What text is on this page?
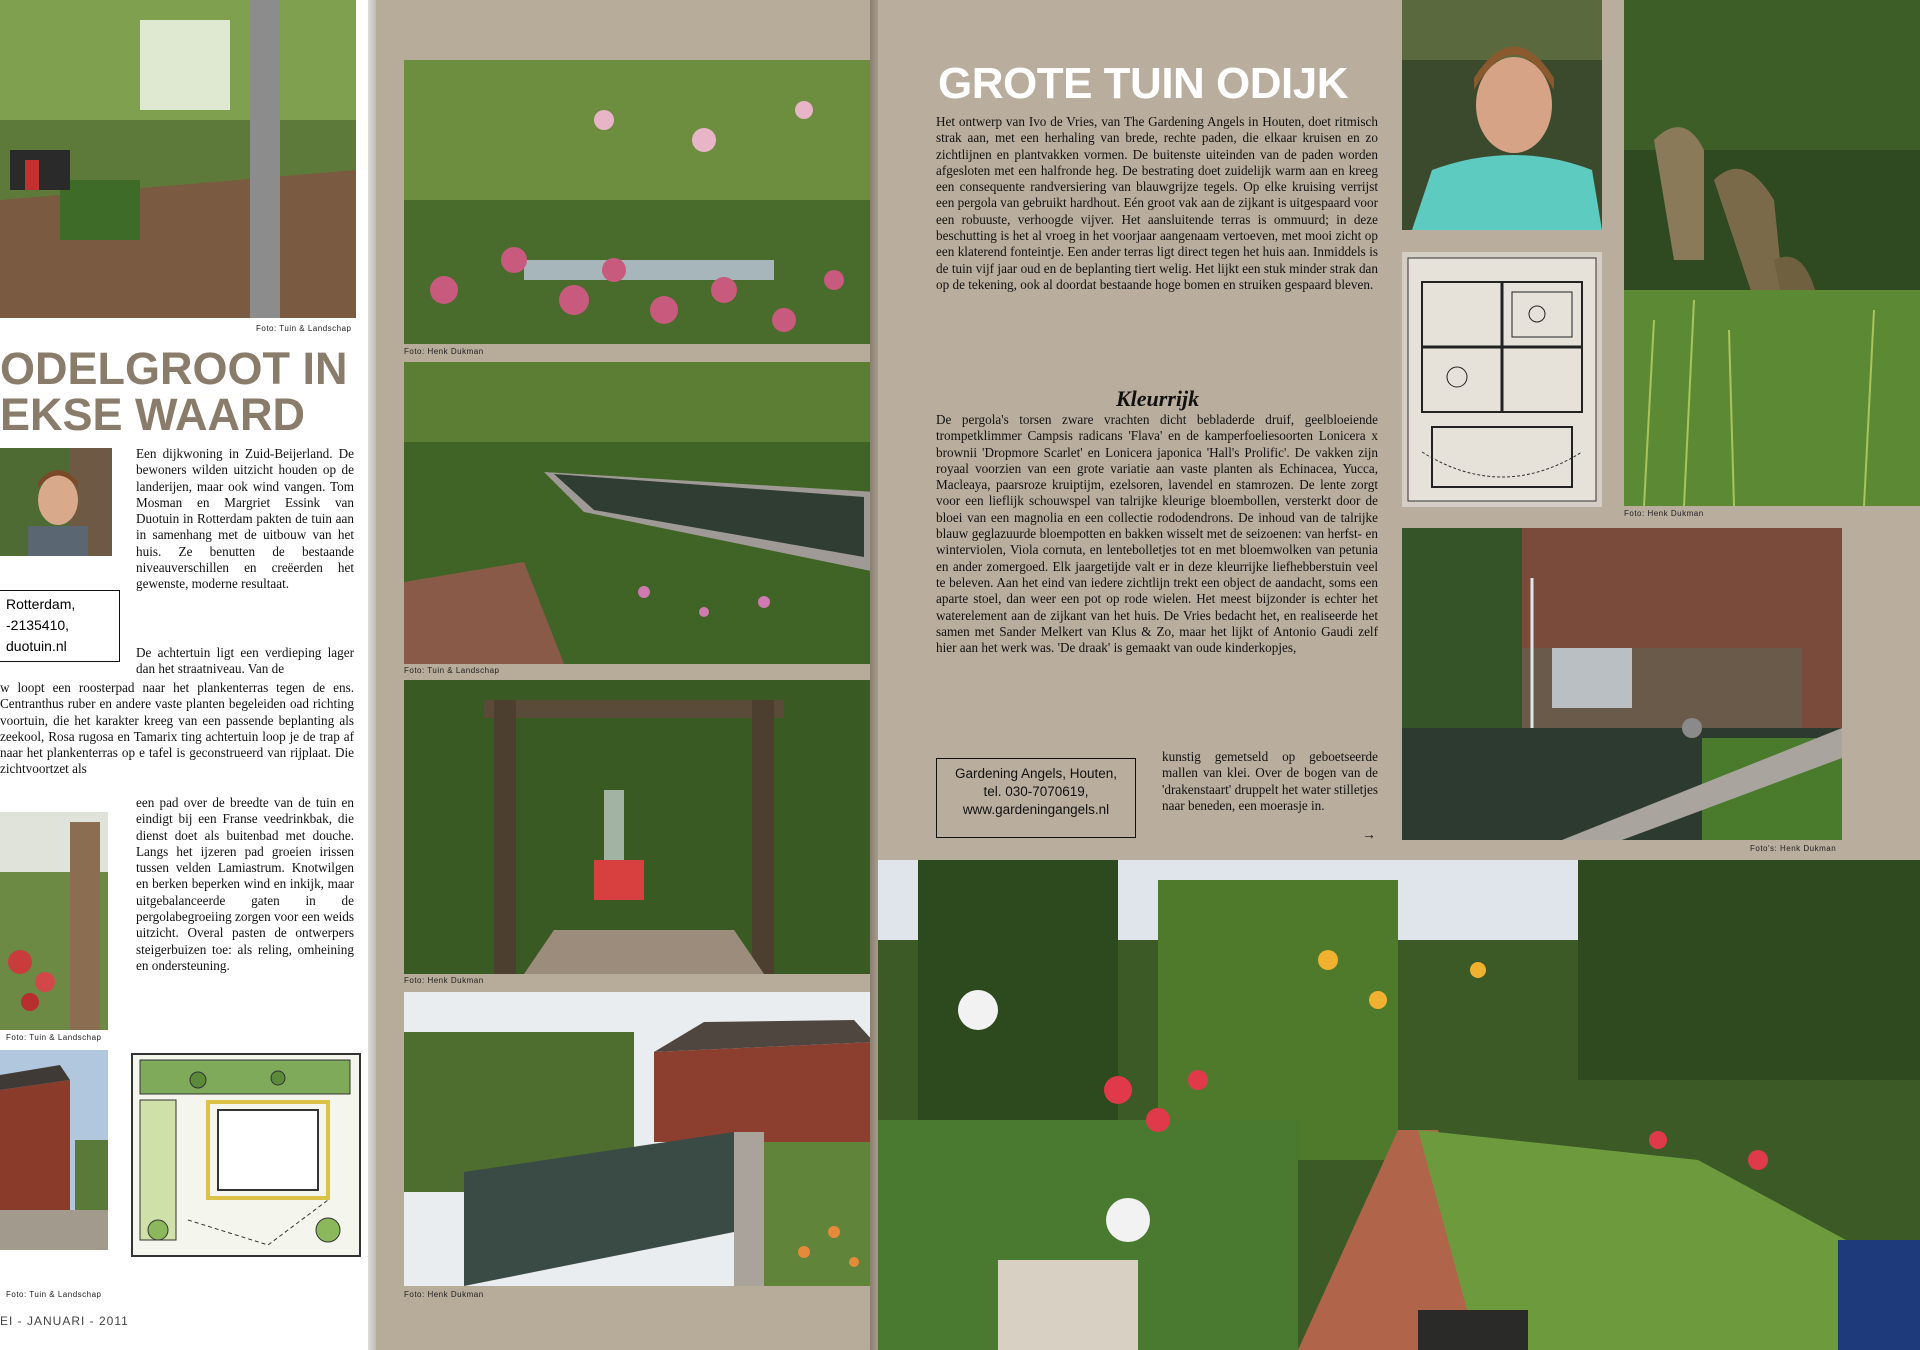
Foto: Tuin & Landschap
ODELGROOT IN
EKSE WAARD
Een dijkwoning in Zuid-Beijerland. De bewoners wilden uitzicht houden op de landerijen, maar ook wind vangen. Tom Mosman en Margriet Essink van Duotuin in Rotterdam pakten de tuin aan in samenhang met de uitbouw van het huis. Ze benutten de bestaande niveauverschillen en creëerden het gewenste, moderne resultaat.
Rotterdam,
-2135410,
duotuin.nl	De achtertuin ligt een verdieping lager dan het straatniveau. Van de
w loopt een roosterpad naar het plankenterras tegen de ens. Centranthus ruber en andere vaste planten begeleiden oad richting voortuin, die het karakter kreeg van een passende beplanting als zeekool, Rosa rugosa en Tamarix ting achtertuin loop je de trap af naar het plankenterras op e tafel is geconstrueerd van rijplaat. Die zichtvoortzet als
een pad over de breedte van de tuin en eindigt bij een Franse veedrinkbak, die dienst doet als buitenbad met douche. Langs het ijzeren pad groeien irissen tussen velden Lamiastrum. Knotwilgen en berken beperken wind en inkijk, maar uitgebalanceerde gaten in de pergolabegroeiing zorgen voor een weids uitzicht. Overal pasten de ontwerpers steigerbuizen toe: als reling, omheining en ondersteuning.
Foto: Tuin & Landschap
Foto: Tuin & Landschap
EI - JANUARI - 2011
Foto: Henk Dukman
Foto: Tuin & Landschap
Foto: Henk Dukman
Foto: Henk Dukman
GROTE TUIN ODIJK
Het ontwerp van Ivo de Vries, van The Gardening Angels in Houten, doet ritmisch strak aan, met een herhaling van brede, rechte paden, die elkaar kruisen en zo zichtlijnen en plantvakken vormen. De buitenste uiteinden van de paden worden afgesloten met een halfronde heg. De bestrating doet zuidelijk warm aan en kreeg een consequente randversiering van blauwgrijze tegels. Op elke kruising verrijst een pergola van gebruikt hardhout. Eén groot vak aan de zijkant is uitgespaard voor een robuuste, verhoogde vijver. Het aansluitende terras is ommuurd; in deze beschutting is het al vroeg in het voorjaar aangenaam vertoeven, met mooi zicht op een klaterend fonteintje. Een ander terras ligt direct tegen het huis aan. Inmiddels is de tuin vijf jaar oud en de beplanting tiert welig. Het lijkt een stuk minder strak dan op de tekening, ook al doordat bestaande hoge bomen en struiken gespaard bleven.
Kleurrijk
De pergola's torsen zware vrachten dicht bebladerde druif, geelbloeiende trompetklimmer Campsis radicans 'Flava' en de kamperfoeliesoorten Lonicera x brownii 'Dropmore Scarlet' en Lonicera japonica 'Hall's Prolific'. De vakken zijn royaal voorzien van een grote variatie aan vaste planten als Echinacea, Yucca, Macleaya, paarsroze kruiptijm, ezelsoren, lavendel en stamrozen. De lente zorgt voor een lieflijk schouwspel van talrijke kleurige bloembollen, versterkt door de bloei van een magnolia en een collectie rododendrons. De inhoud van de talrijke blauw geglazuurde bloempotten en bakken wisselt met de seizoenen: van herfst- en winterviolen, Viola cornuta, en lentebolletjes tot en met bloemwolken van petunia en ander zomergoed. Elk jaargetijde valt er in deze kleurrijke liefhebberstuin veel te beleven. Aan het eind van iedere zichtlijn trekt een object de aandacht, soms een aparte stoel, dan weer een pot op rode wielen. Het meest bijzonder is echter het waterelement aan de zijkant van het huis. De Vries bedacht het, en realiseerde het samen met Sander Melkert van Klus & Zo, maar het lijkt of Antonio Gaudi zelf hier aan het werk was. 'De draak' is gemaakt van oude kinderkopjes,
kunstig gemetseld op geboetseerde mallen van klei. Over de bogen van de 'drakenstaart' druppelt het water stilletjes naar beneden, een moerasje in.
→
Gardening Angels, Houten,
tel. 030-7070619,
www.gardeningangels.nl
Foto: Henk Dukman
Foto's: Henk Dukman
